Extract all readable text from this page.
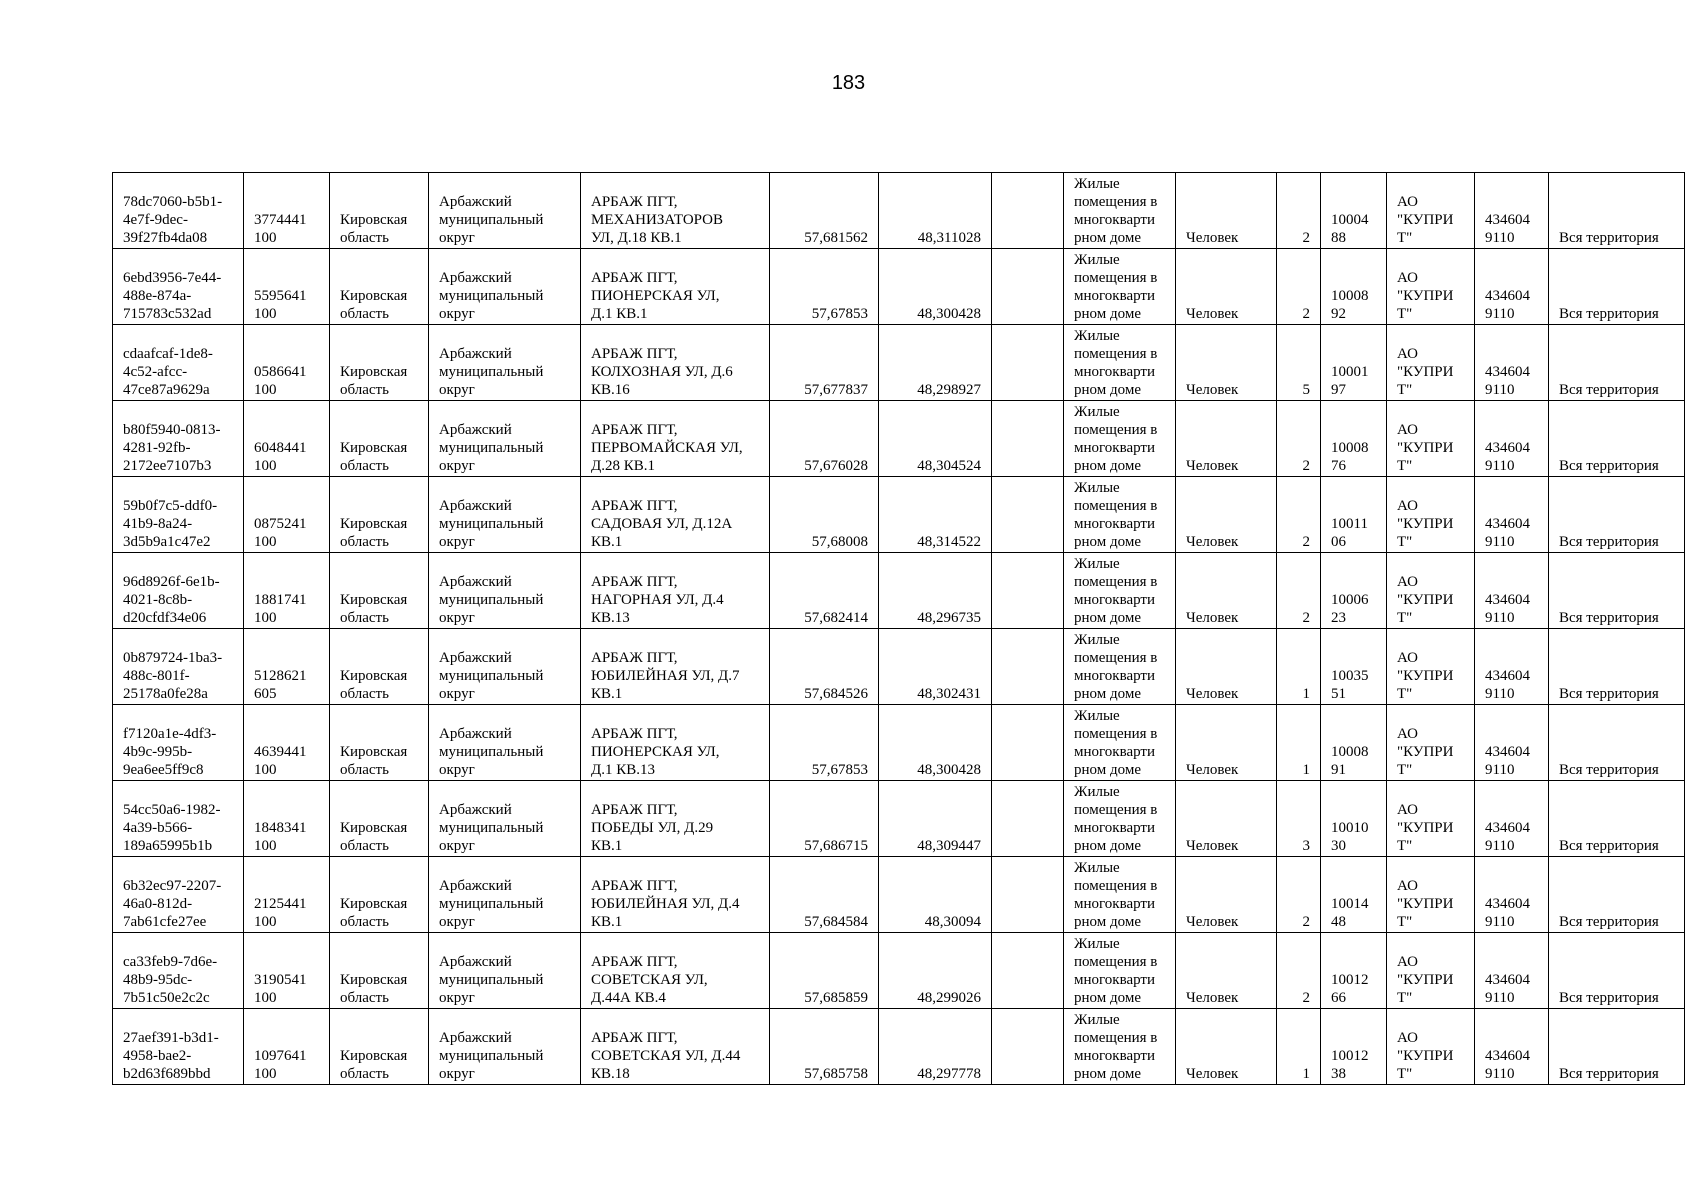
183
78dc7060-b5b1-
4e7f-9dec-
39f27fb4da08	3774441
100	Кировская
область	Арбажский
муниципальный
округ	АРБАЖ ПГТ,
МЕХАНИЗАТОРОВ
УЛ, Д.18 КВ.1	57,681562	48,311028		Жилые
помещения в
многокварти
рном доме	Человек	2	10004
88	АО
"КУПРИ
Т"	434604
9110	Вся территория
6ebd3956-7e44-
488e-874a-
715783c532ad	5595641
100	Кировская
область	Арбажский
муниципальный
округ	АРБАЖ ПГТ,
ПИОНЕРСКАЯ УЛ,
Д.1 КВ.1	57,67853	48,300428		Жилые
помещения в
многокварти
рном доме	Человек	2	10008
92	АО
"КУПРИ
Т"	434604
9110	Вся территория
cdaafcaf-1de8-
4c52-afcc-
47ce87a9629a	0586641
100	Кировская
область	Арбажский
муниципальный
округ	АРБАЖ ПГТ,
КОЛХОЗНАЯ УЛ, Д.6
КВ.16	57,677837	48,298927		Жилые
помещения в
многокварти
рном доме	Человек	5	10001
97	АО
"КУПРИ
Т"	434604
9110	Вся территория
b80f5940-0813-
4281-92fb-
2172ee7107b3	6048441
100	Кировская
область	Арбажский
муниципальный
округ	АРБАЖ ПГТ,
ПЕРВОМАЙСКАЯ УЛ,
Д.28 КВ.1	57,676028	48,304524		Жилые
помещения в
многокварти
рном доме	Человек	2	10008
76	АО
"КУПРИ
Т"	434604
9110	Вся территория
59b0f7c5-ddf0-
41b9-8a24-
3d5b9a1c47e2	0875241
100	Кировская
область	Арбажский
муниципальный
округ	АРБАЖ ПГТ,
САДОВАЯ УЛ, Д.12А
КВ.1	57,68008	48,314522		Жилые
помещения в
многокварти
рном доме	Человек	2	10011
06	АО
"КУПРИ
Т"	434604
9110	Вся территория
96d8926f-6e1b-
4021-8c8b-
d20cfdf34e06	1881741
100	Кировская
область	Арбажский
муниципальный
округ	АРБАЖ ПГТ,
НАГОРНАЯ УЛ, Д.4
КВ.13	57,682414	48,296735		Жилые
помещения в
многокварти
рном доме	Человек	2	10006
23	АО
"КУПРИ
Т"	434604
9110	Вся территория
0b879724-1ba3-
488c-801f-
25178a0fe28a	5128621
605	Кировская
область	Арбажский
муниципальный
округ	АРБАЖ ПГТ,
ЮБИЛЕЙНАЯ УЛ, Д.7
КВ.1	57,684526	48,302431		Жилые
помещения в
многокварти
рном доме	Человек	1	10035
51	АО
"КУПРИ
Т"	434604
9110	Вся территория
f7120a1e-4df3-
4b9c-995b-
9ea6ee5ff9c8	4639441
100	Кировская
область	Арбажский
муниципальный
округ	АРБАЖ ПГТ,
ПИОНЕРСКАЯ УЛ,
Д.1 КВ.13	57,67853	48,300428		Жилые
помещения в
многокварти
рном доме	Человек	1	10008
91	АО
"КУПРИ
Т"	434604
9110	Вся территория
54cc50a6-1982-
4a39-b566-
189a65995b1b	1848341
100	Кировская
область	Арбажский
муниципальный
округ	АРБАЖ ПГТ,
ПОБЕДЫ УЛ, Д.29
КВ.1	57,686715	48,309447		Жилые
помещения в
многокварти
рном доме	Человек	3	10010
30	АО
"КУПРИ
Т"	434604
9110	Вся территория
6b32ec97-2207-
46a0-812d-
7ab61cfe27ee	2125441
100	Кировская
область	Арбажский
муниципальный
округ	АРБАЖ ПГТ,
ЮБИЛЕЙНАЯ УЛ, Д.4
КВ.1	57,684584	48,30094		Жилые
помещения в
многокварти
рном доме	Человек	2	10014
48	АО
"КУПРИ
Т"	434604
9110	Вся территория
ca33feb9-7d6e-
48b9-95dc-
7b51c50e2c2c	3190541
100	Кировская
область	Арбажский
муниципальный
округ	АРБАЖ ПГТ,
СОВЕТСКАЯ УЛ,
Д.44А КВ.4	57,685859	48,299026		Жилые
помещения в
многокварти
рном доме	Человек	2	10012
66	АО
"КУПРИ
Т"	434604
9110	Вся территория
27aef391-b3d1-
4958-bae2-
b2d63f689bbd	1097641
100	Кировская
область	Арбажский
муниципальный
округ	АРБАЖ ПГТ,
СОВЕТСКАЯ УЛ, Д.44
КВ.18	57,685758	48,297778		Жилые
помещения в
многокварти
рном доме	Человек	1	10012
38	АО
"КУПРИ
Т"	434604
9110	Вся территория
